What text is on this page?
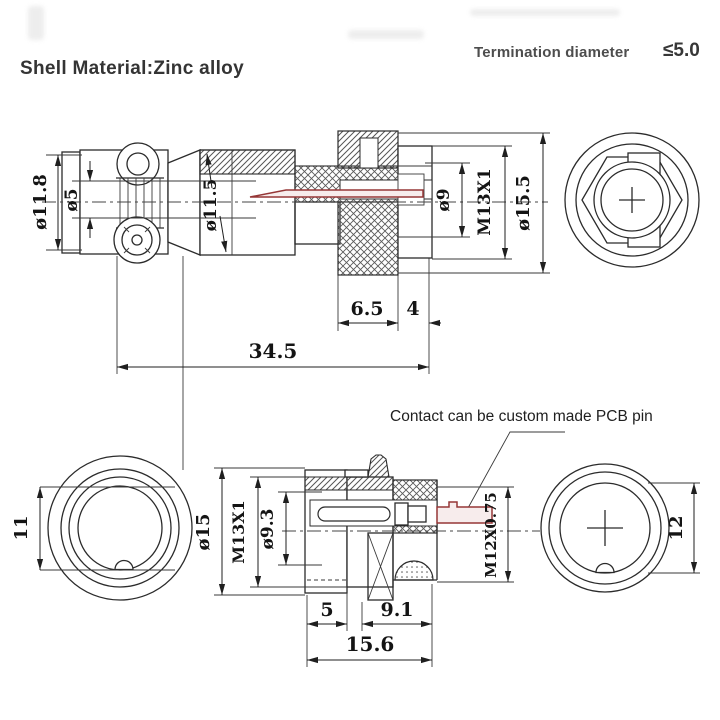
Shell Material:Zinc alloy
Termination diameter ≤5.0
Contact can be custom made PCB pin
ø11.8 ø5	ø11.5	ø9 M13X1 ø15.5
6.5 4
34.5
11	ø15 M13X1 ø9.3	M12X0.75
5 9.1
15.6
12
